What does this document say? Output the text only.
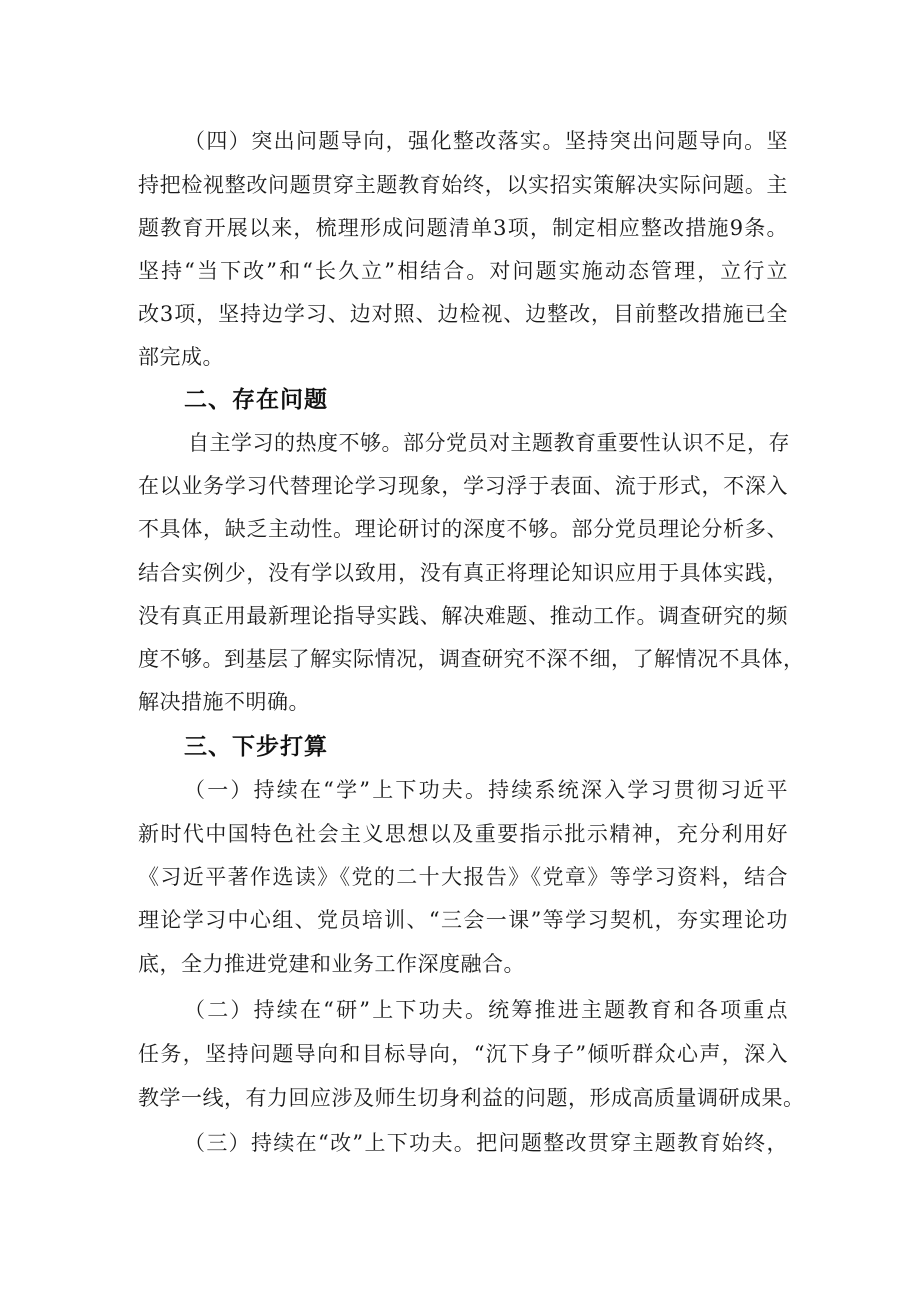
（四）突出问题导向，强化整改落实。坚持突出问题导向。坚
持把检视整改问题贯穿主题教育始终，以实招实策解决实际问题。主
题教育开展以来，梳理形成问题清单3项，制定相应整改措施9条。
坚持“当下改”和“长久立”相结合。对问题实施动态管理，立行立
改3项，坚持边学习、边对照、边检视、边整改，目前整改措施已全
部完成。
二、存在问题
自主学习的热度不够。部分党员对主题教育重要性认识不足，存
在以业务学习代替理论学习现象，学习浮于表面、流于形式，不深入
不具体，缺乏主动性。理论研讨的深度不够。部分党员理论分析多、
结合实例少，没有学以致用，没有真正将理论知识应用于具体实践，
没有真正用最新理论指导实践、解决难题、推动工作。调查研究的频
度不够。到基层了解实际情况，调查研究不深不细，了解情况不具体，
解决措施不明确。
三、下步打算
（一）持续在“学”上下功夫。持续系统深入学习贯彻习近平
新时代中国特色社会主义思想以及重要指示批示精神，充分利用好
《习近平著作选读》《党的二十大报告》《党章》等学习资料，结合
理论学习中心组、党员培训、“三会一课”等学习契机，夯实理论功
底，全力推进党建和业务工作深度融合。
（二）持续在“研”上下功夫。统筹推进主题教育和各项重点
任务，坚持问题导向和目标导向，“沉下身子”倾听群众心声，深入
教学一线，有力回应涉及师生切身利益的问题，形成高质量调研成果。
（三）持续在“改”上下功夫。把问题整改贯穿主题教育始终，
